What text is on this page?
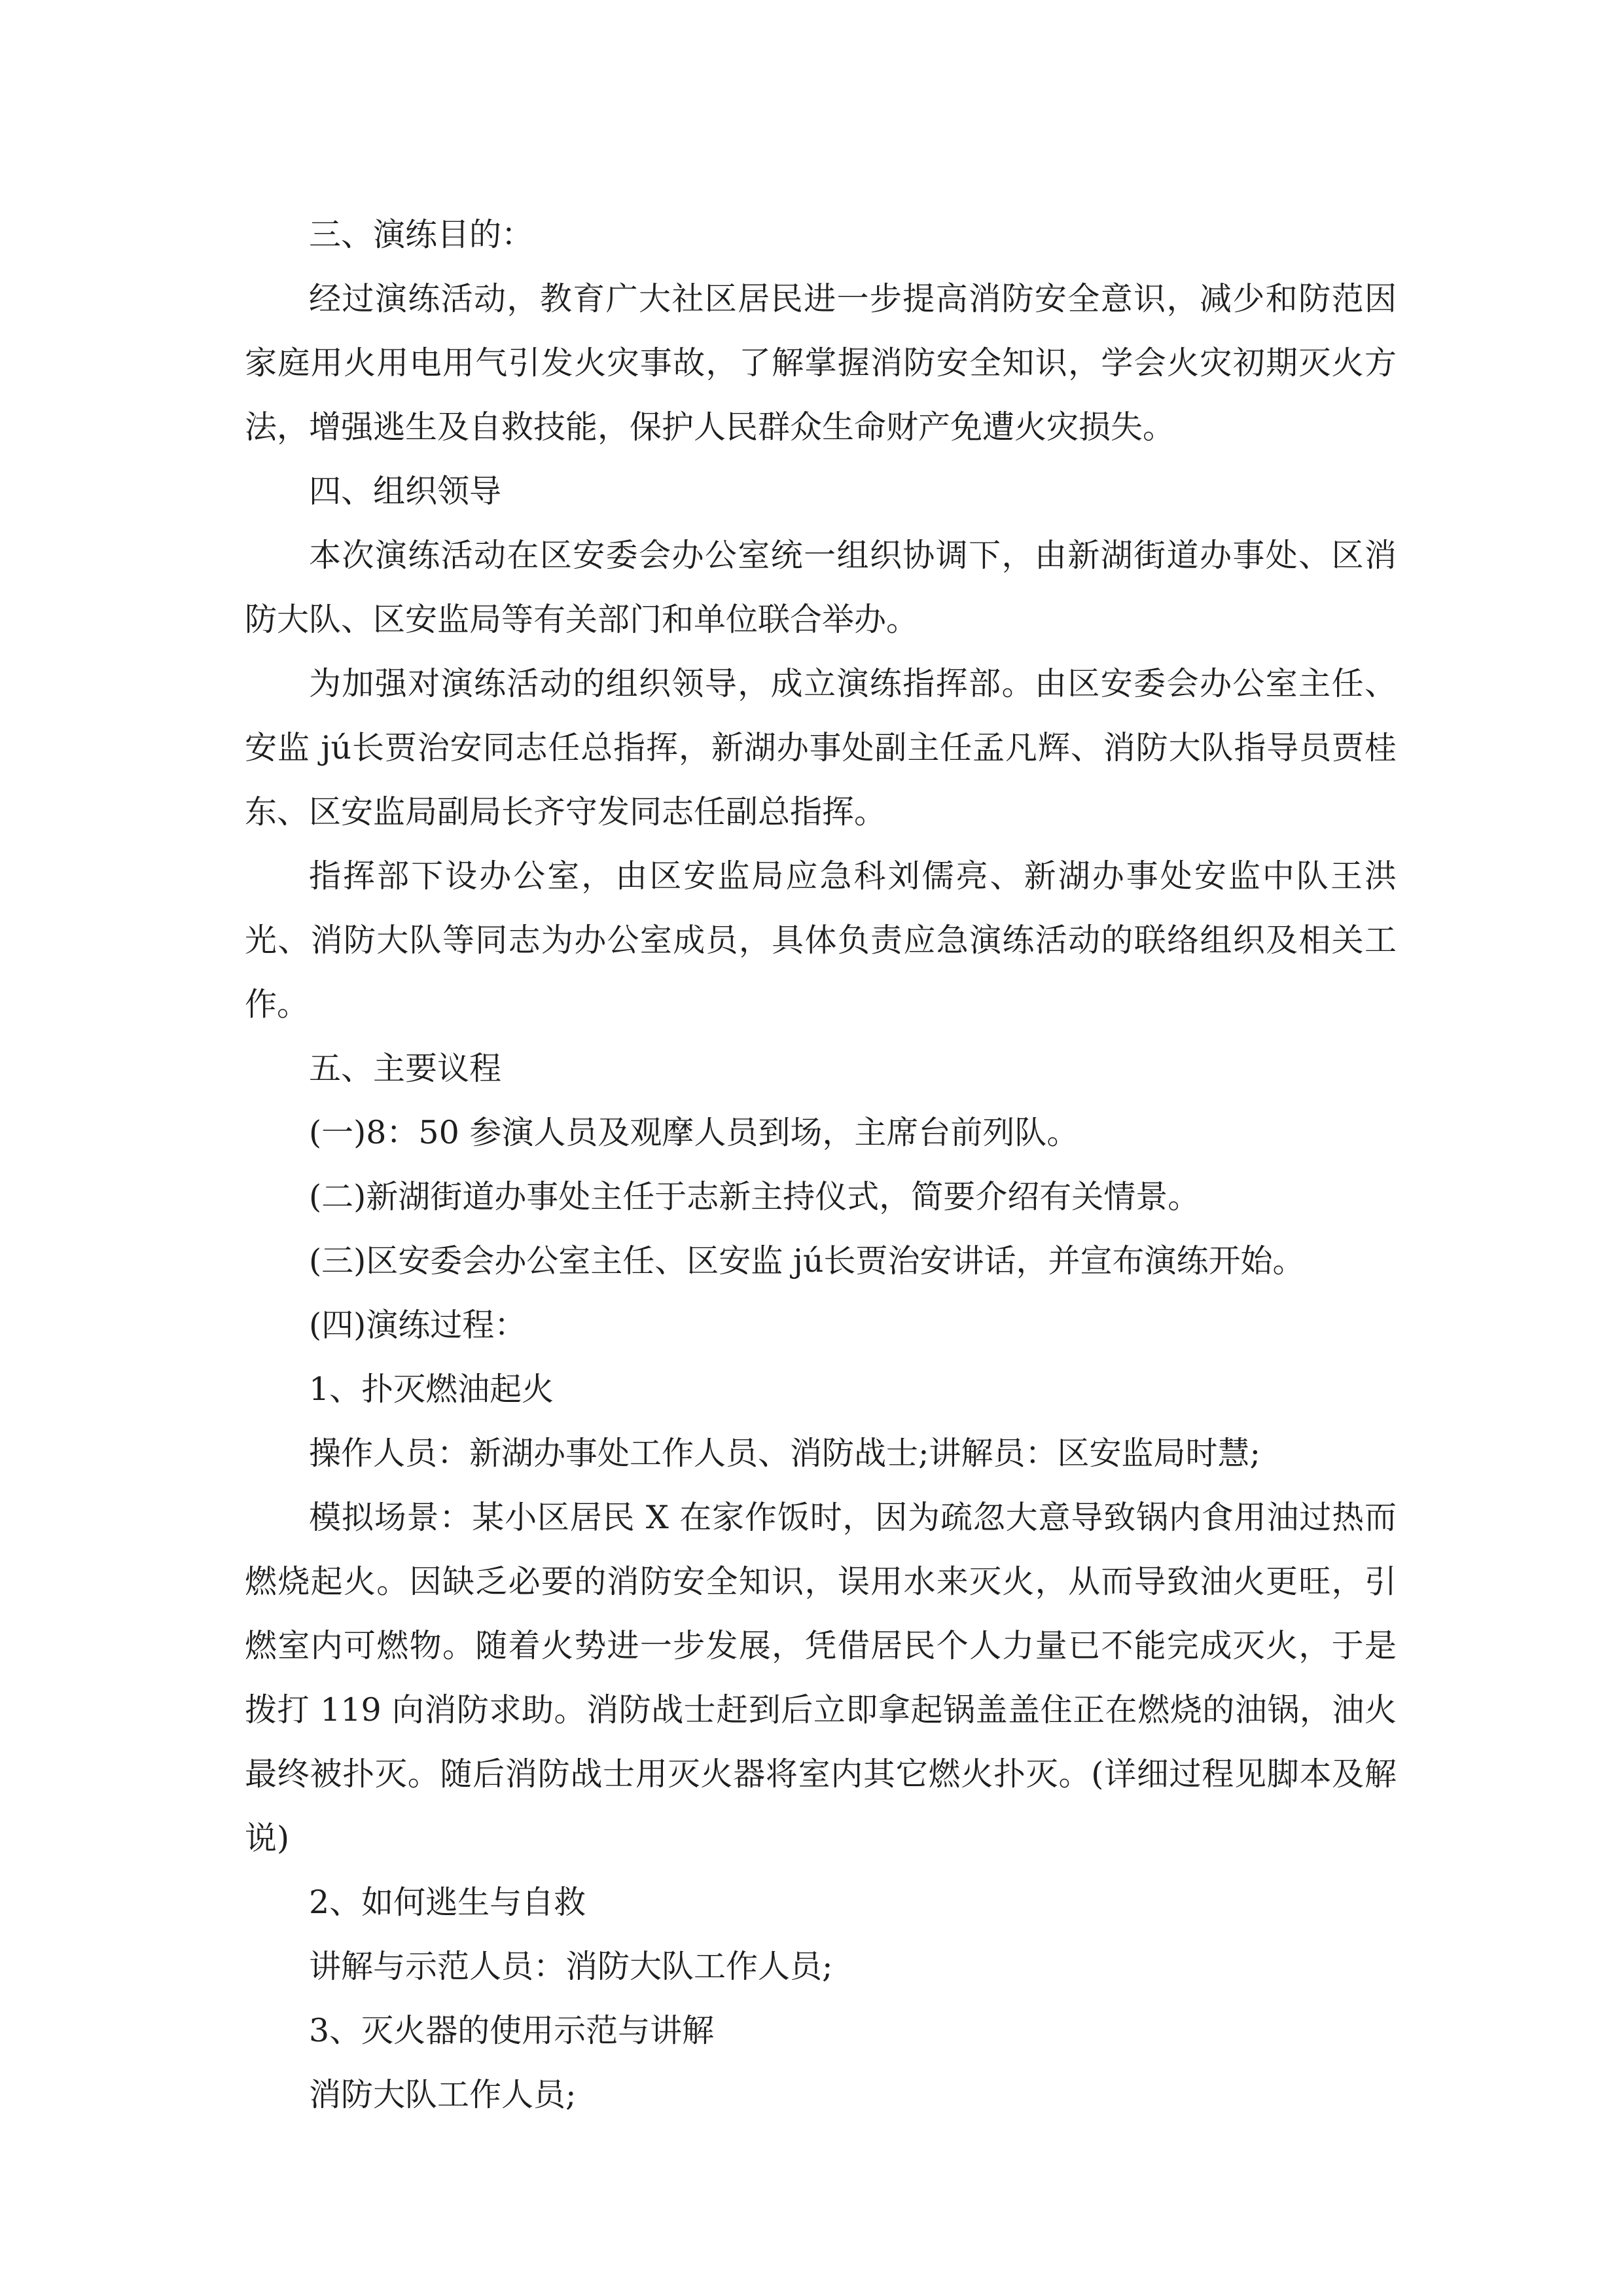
三、演练目的：

经过演练活动，教育广大社区居民进一步提高消防安全意识，减少和防范因家庭用火用电用气引发火灾事故，了解掌握消防安全知识，学会火灾初期灭火方法，增强逃生及自救技能，保护人民群众生命财产免遭火灾损失。

四、组织领导

本次演练活动在区安委会办公室统一组织协调下，由新湖街道办事处、区消防大队、区安监局等有关部门和单位联合举办。

为加强对演练活动的组织领导，成立演练指挥部。由区安委会办公室主任、安监 jú长贾治安同志任总指挥，新湖办事处副主任孟凡辉、消防大队指导员贾桂东、区安监局副局长齐守发同志任副总指挥。

指挥部下设办公室，由区安监局应急科刘儒亮、新湖办事处安监中队王洪光、消防大队等同志为办公室成员，具体负责应急演练活动的联络组织及相关工作。

五、主要议程

(一)8：50 参演人员及观摩人员到场，主席台前列队。

(二)新湖街道办事处主任于志新主持仪式，简要介绍有关情景。

(三)区安委会办公室主任、区安监 jú长贾治安讲话，并宣布演练开始。

(四)演练过程：

1、扑灭燃油起火

操作人员：新湖办事处工作人员、消防战士;讲解员：区安监局时慧;

模拟场景：某小区居民 X 在家作饭时，因为疏忽大意导致锅内食用油过热而燃烧起火。因缺乏必要的消防安全知识，误用水来灭火，从而导致油火更旺，引燃室内可燃物。随着火势进一步发展，凭借居民个人力量已不能完成灭火，于是拨打 119 向消防求助。消防战士赶到后立即拿起锅盖盖住正在燃烧的油锅，油火最终被扑灭。随后消防战士用灭火器将室内其它燃火扑灭。(详细过程见脚本及解说)

2、如何逃生与自救

讲解与示范人员：消防大队工作人员;

3、灭火器的使用示范与讲解

消防大队工作人员;
